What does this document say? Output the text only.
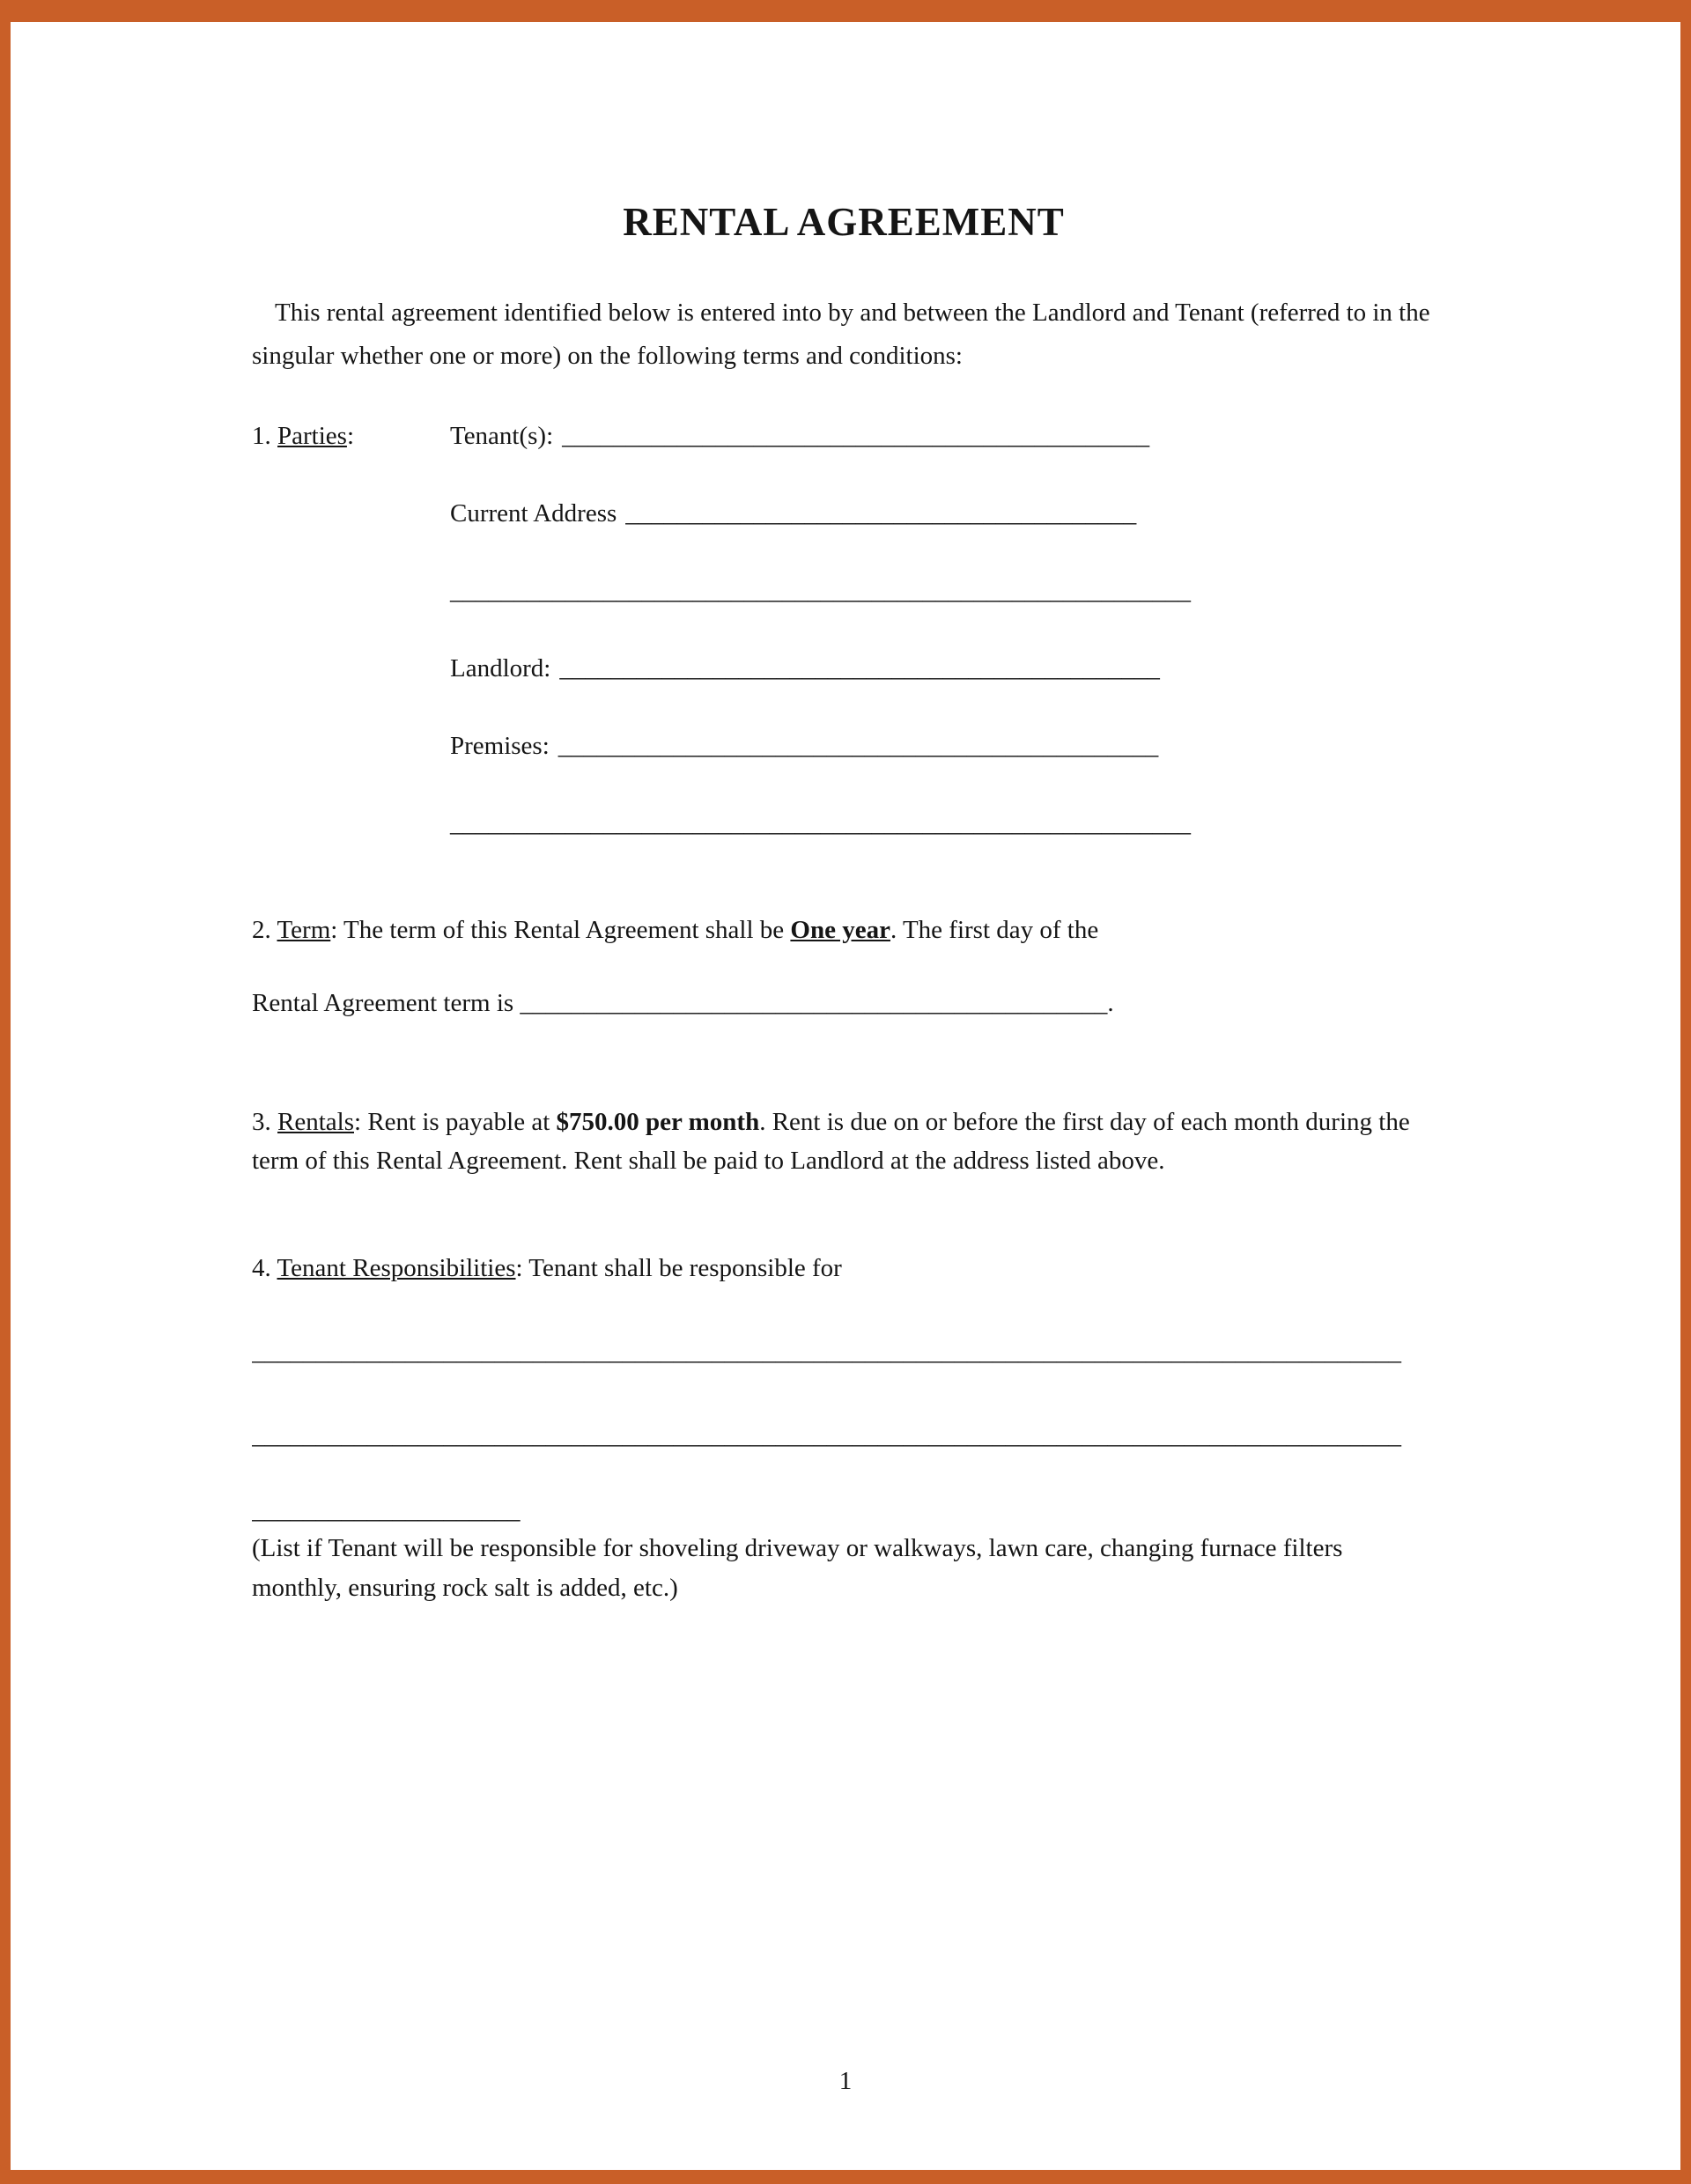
RENTAL AGREEMENT

This rental agreement identified below is entered into by and between the Landlord and Tenant (referred to in the singular whether one or more) on the following terms and conditions:

1. Parties:	Tenant(s): ______________________________________________
Current Address ________________________________________
__________________________________________________________
Landlord: _______________________________________________
Premises: _______________________________________________
__________________________________________________________

2. Term: The term of this Rental Agreement shall be One year. The first day of the

Rental Agreement term is ______________________________________________.

3. Rentals: Rent is payable at $750.00 per month. Rent is due on or before the first day of each month during the term of this Rental Agreement. Rent shall be paid to Landlord at the address listed above.

4. Tenant Responsibilities: Tenant shall be responsible for

__________________________________________________________________________________________

__________________________________________________________________________________________

_____________________

(List if Tenant will be responsible for shoveling driveway or walkways, lawn care, changing furnace filters monthly, ensuring rock salt is added, etc.)

1
